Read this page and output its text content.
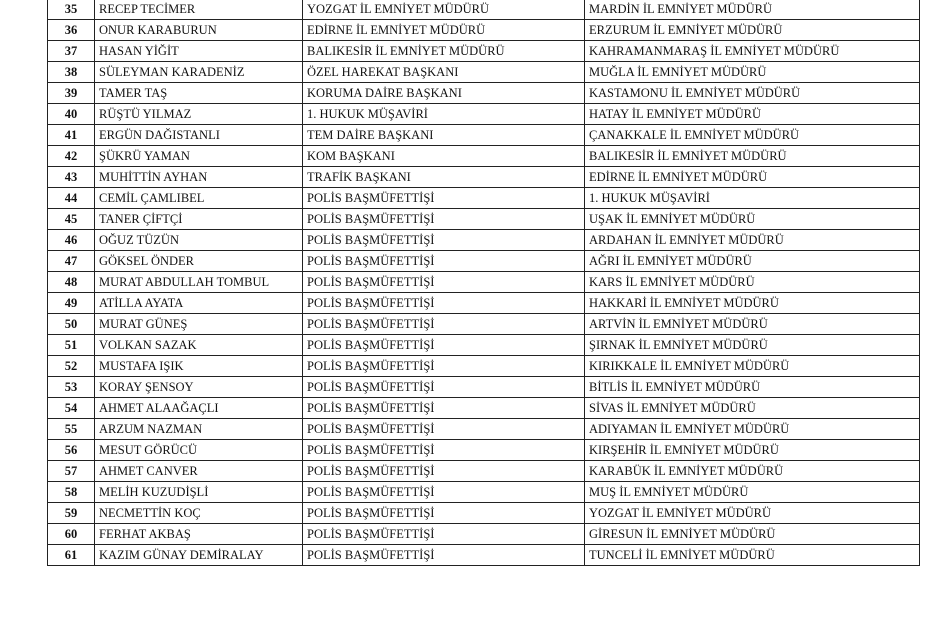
35	RECEP TECİMER	YOZGAT İL EMNİYET MÜDÜRÜ	MARDİN İL EMNİYET MÜDÜRÜ
36	ONUR KARABURUN	EDİRNE İL EMNİYET MÜDÜRÜ	ERZURUM İL EMNİYET MÜDÜRÜ
37	HASAN YİĞİT	BALIKESİR İL EMNİYET MÜDÜRÜ	KAHRAMANMARAŞ İL EMNİYET MÜDÜRÜ
38	SÜLEYMAN KARADENİZ	ÖZEL HAREKAT BAŞKANI	MUĞLA İL EMNİYET MÜDÜRÜ
39	TAMER TAŞ	KORUMA DAİRE BAŞKANI	KASTAMONU İL EMNİYET MÜDÜRÜ
40	RÜŞTÜ YILMAZ	1. HUKUK MÜŞAVİRİ	HATAY İL EMNİYET MÜDÜRÜ
41	ERGÜN DAĞISTANLI	TEM DAİRE BAŞKANI	ÇANAKKALE İL EMNİYET MÜDÜRÜ
42	ŞÜKRÜ YAMAN	KOM BAŞKANI	BALIKESİR İL EMNİYET MÜDÜRÜ
43	MUHİTTİN AYHAN	TRAFİK BAŞKANI	EDİRNE İL EMNİYET MÜDÜRÜ
44	CEMİL ÇAMLIBEL	POLİS BAŞMÜFETTİŞİ	1. HUKUK MÜŞAVİRİ
45	TANER ÇİFTÇİ	POLİS BAŞMÜFETTİŞİ	UŞAK İL EMNİYET MÜDÜRÜ
46	OĞUZ TÜZÜN	POLİS BAŞMÜFETTİŞİ	ARDAHAN İL EMNİYET MÜDÜRÜ
47	GÖKSEL ÖNDER	POLİS BAŞMÜFETTİŞİ	AĞRI İL EMNİYET MÜDÜRÜ
48	MURAT ABDULLAH TOMBUL	POLİS BAŞMÜFETTİŞİ	KARS İL EMNİYET MÜDÜRÜ
49	ATİLLA AYATA	POLİS BAŞMÜFETTİŞİ	HAKKARİ İL EMNİYET MÜDÜRÜ
50	MURAT GÜNEŞ	POLİS BAŞMÜFETTİŞİ	ARTVİN İL EMNİYET MÜDÜRÜ
51	VOLKAN SAZAK	POLİS BAŞMÜFETTİŞİ	ŞIRNAK İL EMNİYET MÜDÜRÜ
52	MUSTAFA IŞIK	POLİS BAŞMÜFETTİŞİ	KIRIKKALE İL EMNİYET MÜDÜRÜ
53	KORAY ŞENSOY	POLİS BAŞMÜFETTİŞİ	BİTLİS İL EMNİYET MÜDÜRÜ
54	AHMET ALAAĞAÇLI	POLİS BAŞMÜFETTİŞİ	SİVAS İL EMNİYET MÜDÜRÜ
55	ARZUM NAZMAN	POLİS BAŞMÜFETTİŞİ	ADIYAMAN İL EMNİYET MÜDÜRÜ
56	MESUT GÖRÜCÜ	POLİS BAŞMÜFETTİŞİ	KIRŞEHİR İL EMNİYET MÜDÜRÜ
57	AHMET CANVER	POLİS BAŞMÜFETTİŞİ	KARABÜK İL EMNİYET MÜDÜRÜ
58	MELİH KUZUDİŞLİ	POLİS BAŞMÜFETTİŞİ	MUŞ İL EMNİYET MÜDÜRÜ
59	NECMETTİN KOÇ	POLİS BAŞMÜFETTİŞİ	YOZGAT İL EMNİYET MÜDÜRÜ
60	FERHAT AKBAŞ	POLİS BAŞMÜFETTİŞİ	GİRESUN İL EMNİYET MÜDÜRÜ
61	KAZIM GÜNAY DEMİRALAY	POLİS BAŞMÜFETTİŞİ	TUNCELİ İL EMNİYET MÜDÜRÜ
